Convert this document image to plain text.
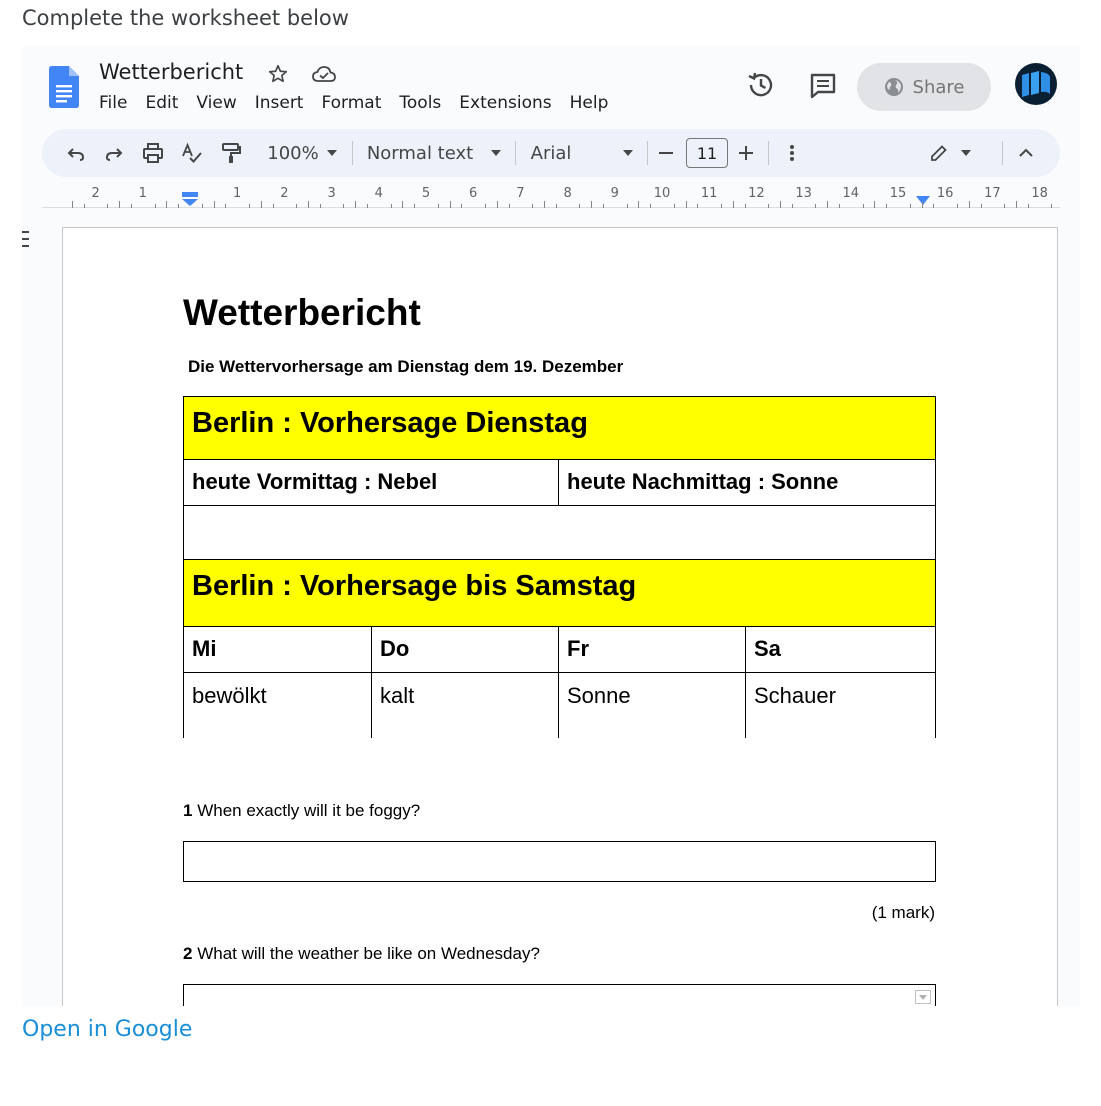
Complete the worksheet below
Wetterbericht
File	Edit	View	Insert	Format	Tools	Extensions	Help
Share
100%	Normal text	Arial	11
2	1	1	2	3	4	5	6	7	8	9	10 11 12 13 14 15 16 17 18
Wetterbericht
Die Wettervorhersage am Dienstag dem 19. Dezember
Berlin : Vorhersage Dienstag			
heute Vormittag : Nebel		heute Nachmittag : Sonne	

Berlin : Vorhersage bis Samstag			
Mi	Do	Fr	Sa
bewölkt	kalt	Sonne	Schauer
1 When exactly will it be foggy?
(1 mark)
2 What will the weather be like on Wednesday?
Open in Google
